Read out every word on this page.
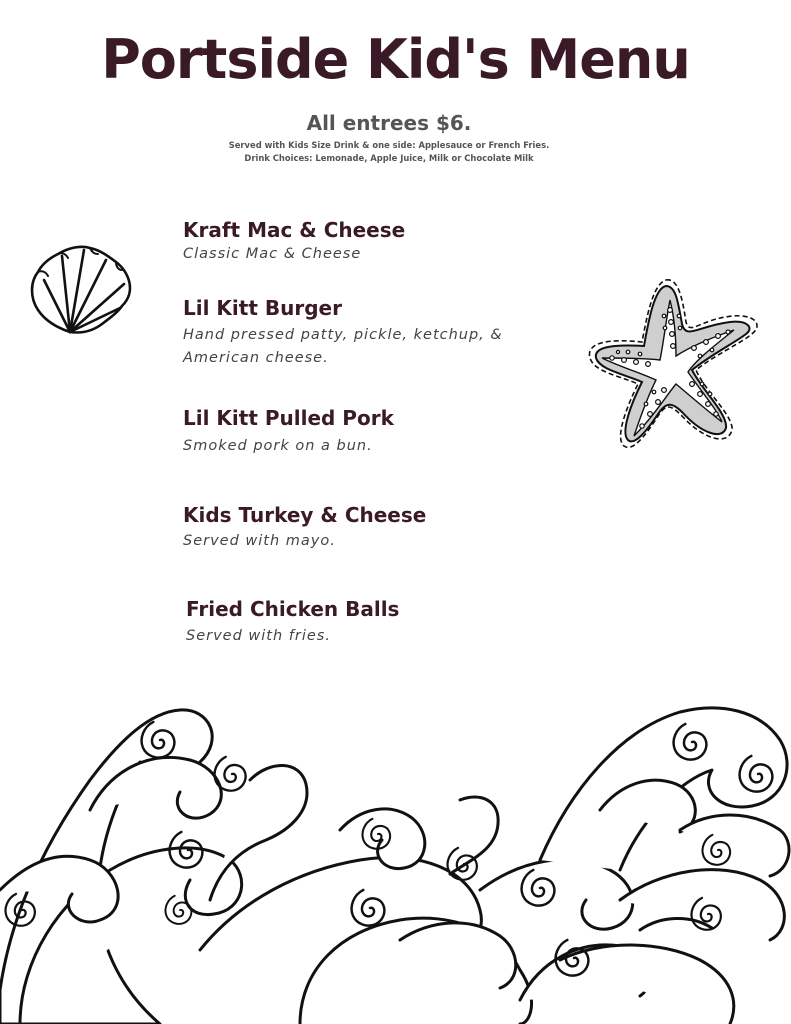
Portside Kid's Menu
All entrees $6.
Served with Kids Size Drink & one side: Applesauce or French Fries.
Drink Choices: Lemonade, Apple Juice, Milk or Chocolate Milk
Kraft Mac & Cheese
Classic Mac & Cheese
Lil Kitt Burger
Hand pressed patty, pickle, ketchup, & American cheese.
Lil Kitt Pulled Pork
Smoked pork on a bun.
Kids Turkey & Cheese
Served with mayo.
Fried Chicken Balls
Served with fries.
